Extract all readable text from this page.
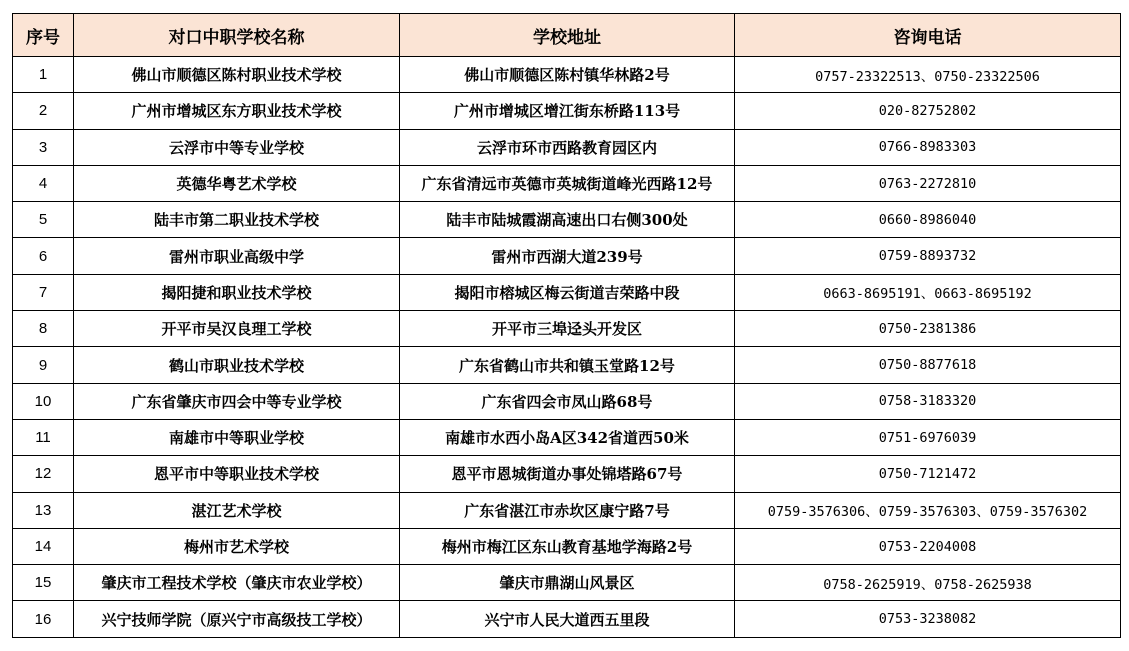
序号	对口中职学校名称	学校地址	咨询电话
1	佛山市顺德区陈村职业技术学校	佛山市顺德区陈村镇华林路2号	0757-23322513、0750-23322506
2	广州市增城区东方职业技术学校	广州市增城区增江街东桥路113号	020-82752802
3	云浮市中等专业学校	云浮市环市西路教育园区内	0766-8983303
4	英德华粤艺术学校	广东省清远市英德市英城街道峰光西路12号	0763-2272810
5	陆丰市第二职业技术学校	陆丰市陆城霞湖高速出口右侧300处	0660-8986040
6	雷州市职业高级中学	雷州市西湖大道239号	0759-8893732
7	揭阳捷和职业技术学校	揭阳市榕城区梅云街道吉荣路中段	0663-8695191、0663-8695192
8	开平市吴汉良理工学校	开平市三埠迳头开发区	0750-2381386
9	鹤山市职业技术学校	广东省鹤山市共和镇玉堂路12号	0750-8877618
10	广东省肇庆市四会中等专业学校	广东省四会市凤山路68号	0758-3183320
11	南雄市中等职业学校	南雄市水西小岛A区342省道西50米	0751-6976039
12	恩平市中等职业技术学校	恩平市恩城街道办事处锦塔路67号	0750-7121472
13	湛江艺术学校	广东省湛江市赤坎区康宁路7号	0759-3576306、0759-3576303、0759-3576302
14	梅州市艺术学校	梅州市梅江区东山教育基地学海路2号	0753-2204008
15	肇庆市工程技术学校（肇庆市农业学校）	肇庆市鼎湖山风景区	0758-2625919、0758-2625938
16	兴宁技师学院（原兴宁市高级技工学校）	兴宁市人民大道西五里段	0753-3238082
